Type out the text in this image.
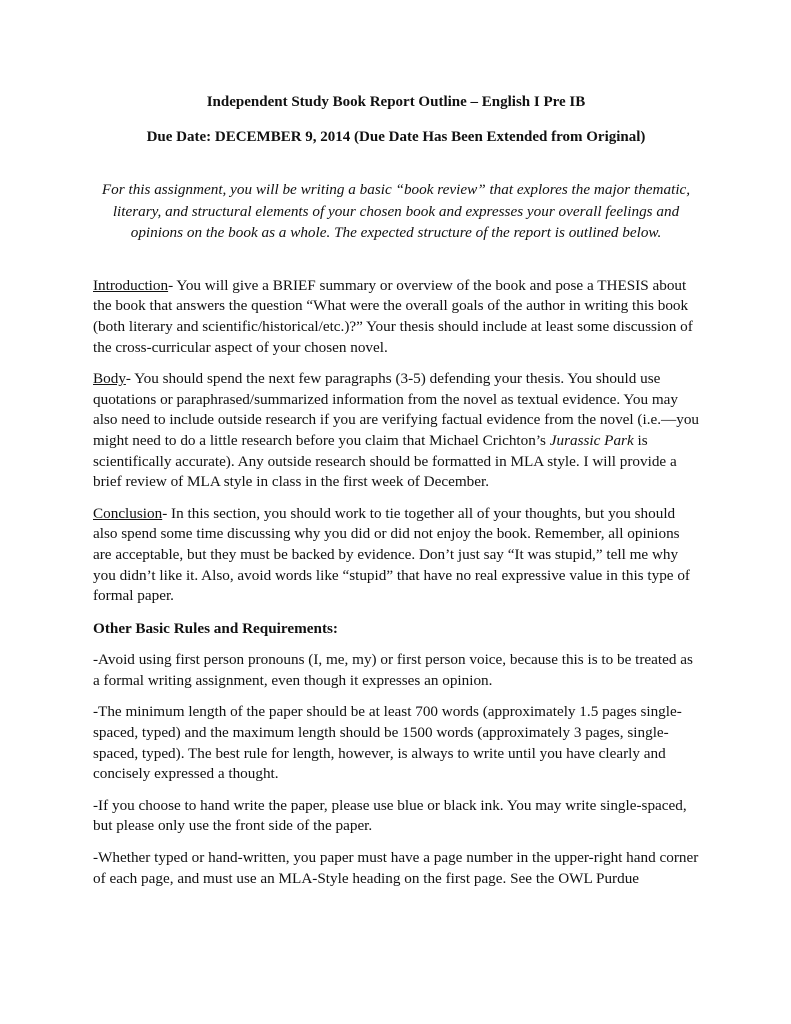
Independent Study Book Report Outline – English I Pre IB

Due Date: DECEMBER 9, 2014 (Due Date Has Been Extended from Original)

For this assignment, you will be writing a basic “book review” that explores the major thematic, literary, and structural elements of your chosen book and expresses your overall feelings and opinions on the book as a whole. The expected structure of the report is outlined below.

Introduction- You will give a BRIEF summary or overview of the book and pose a THESIS about the book that answers the question “What were the overall goals of the author in writing this book (both literary and scientific/historical/etc.)?” Your thesis should include at least some discussion of the cross-curricular aspect of your chosen novel.

Body- You should spend the next few paragraphs (3-5) defending your thesis. You should use quotations or paraphrased/summarized information from the novel as textual evidence. You may also need to include outside research if you are verifying factual evidence from the novel (i.e.—you might need to do a little research before you claim that Michael Crichton’s Jurassic Park is scientifically accurate). Any outside research should be formatted in MLA style. I will provide a brief review of MLA style in class in the first week of December.

Conclusion- In this section, you should work to tie together all of your thoughts, but you should also spend some time discussing why you did or did not enjoy the book. Remember, all opinions are acceptable, but they must be backed by evidence. Don’t just say “It was stupid,” tell me why you didn’t like it. Also, avoid words like “stupid” that have no real expressive value in this type of formal paper.

Other Basic Rules and Requirements:

-Avoid using first person pronouns (I, me, my) or first person voice, because this is to be treated as a formal writing assignment, even though it expresses an opinion.

-The minimum length of the paper should be at least 700 words (approximately 1.5 pages single-spaced, typed) and the maximum length should be 1500 words (approximately 3 pages, single-spaced, typed). The best rule for length, however, is always to write until you have clearly and concisely expressed a thought.

-If you choose to hand write the paper, please use blue or black ink. You may write single-spaced, but please only use the front side of the paper.

-Whether typed or hand-written, you paper must have a page number in the upper-right hand corner of each page, and must use an MLA-Style heading on the first page. See the OWL Purdue
